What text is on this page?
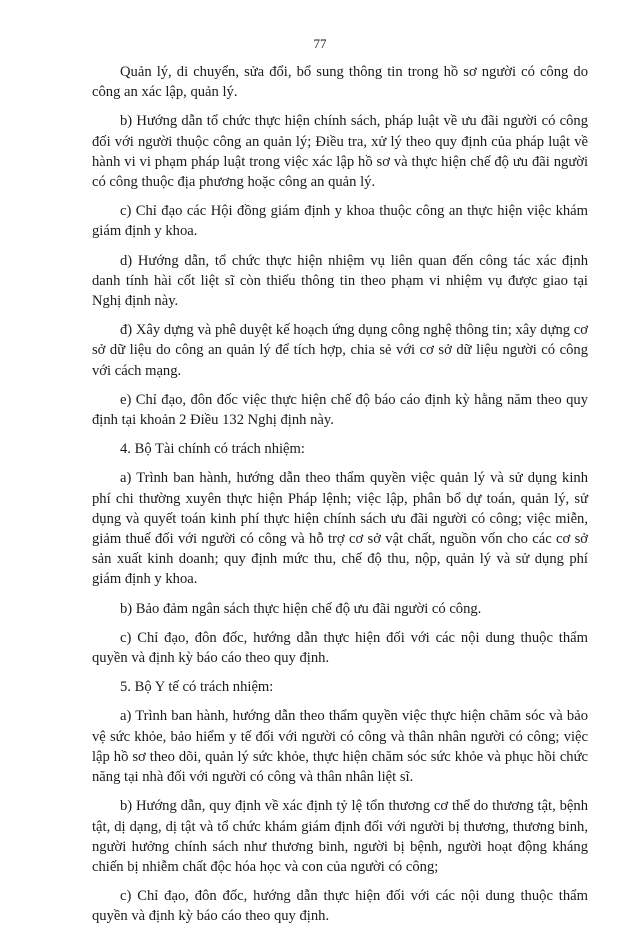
77

Quản lý, di chuyển, sửa đổi, bổ sung thông tin trong hồ sơ người có công do công an xác lập, quản lý.

b) Hướng dẫn tổ chức thực hiện chính sách, pháp luật về ưu đãi người có công đối với người thuộc công an quản lý; Điều tra, xử lý theo quy định của pháp luật về hành vi vi phạm pháp luật trong việc xác lập hồ sơ và thực hiện chế độ ưu đãi người có công thuộc địa phương hoặc công an quản lý.

c) Chỉ đạo các Hội đồng giám định y khoa thuộc công an thực hiện việc khám giám định y khoa.

d) Hướng dẫn, tổ chức thực hiện nhiệm vụ liên quan đến công tác xác định danh tính hài cốt liệt sĩ còn thiếu thông tin theo phạm vi nhiệm vụ được giao tại Nghị định này.

đ) Xây dựng và phê duyệt kế hoạch ứng dụng công nghệ thông tin; xây dựng cơ sở dữ liệu do công an quản lý để tích hợp, chia sẻ với cơ sở dữ liệu người có công với cách mạng.

e) Chỉ đạo, đôn đốc việc thực hiện chế độ báo cáo định kỳ hằng năm theo quy định tại khoản 2 Điều 132 Nghị định này.

4. Bộ Tài chính có trách nhiệm:

a) Trình ban hành, hướng dẫn theo thẩm quyền việc quản lý và sử dụng kinh phí chi thường xuyên thực hiện Pháp lệnh; việc lập, phân bổ dự toán, quản lý, sử dụng và quyết toán kinh phí thực hiện chính sách ưu đãi người có công; việc miễn, giảm thuế đối với người có công và hỗ trợ cơ sở vật chất, nguồn vốn cho các cơ sở sản xuất kinh doanh; quy định mức thu, chế độ thu, nộp, quản lý và sử dụng phí giám định y khoa.

b) Bảo đảm ngân sách thực hiện chế độ ưu đãi người có công.

c) Chỉ đạo, đôn đốc, hướng dẫn thực hiện đối với các nội dung thuộc thẩm quyền và định kỳ báo cáo theo quy định.

5. Bộ Y tế có trách nhiệm:

a) Trình ban hành, hướng dẫn theo thẩm quyền việc thực hiện chăm sóc và bảo vệ sức khỏe, bảo hiểm y tế đối với người có công và thân nhân người có công; việc lập hồ sơ theo dõi, quản lý sức khỏe, thực hiện chăm sóc sức khỏe và phục hồi chức năng tại nhà đối với người có công và thân nhân liệt sĩ.

b) Hướng dẫn, quy định về xác định tỷ lệ tổn thương cơ thể do thương tật, bệnh tật, dị dạng, dị tật và tổ chức khám giám định đối với người bị thương, thương binh, người hưởng chính sách như thương binh, người bị bệnh, người hoạt động kháng chiến bị nhiễm chất độc hóa học và con của người có công;

c) Chỉ đạo, đôn đốc, hướng dẫn thực hiện đối với các nội dung thuộc thẩm quyền và định kỳ báo cáo theo quy định.
